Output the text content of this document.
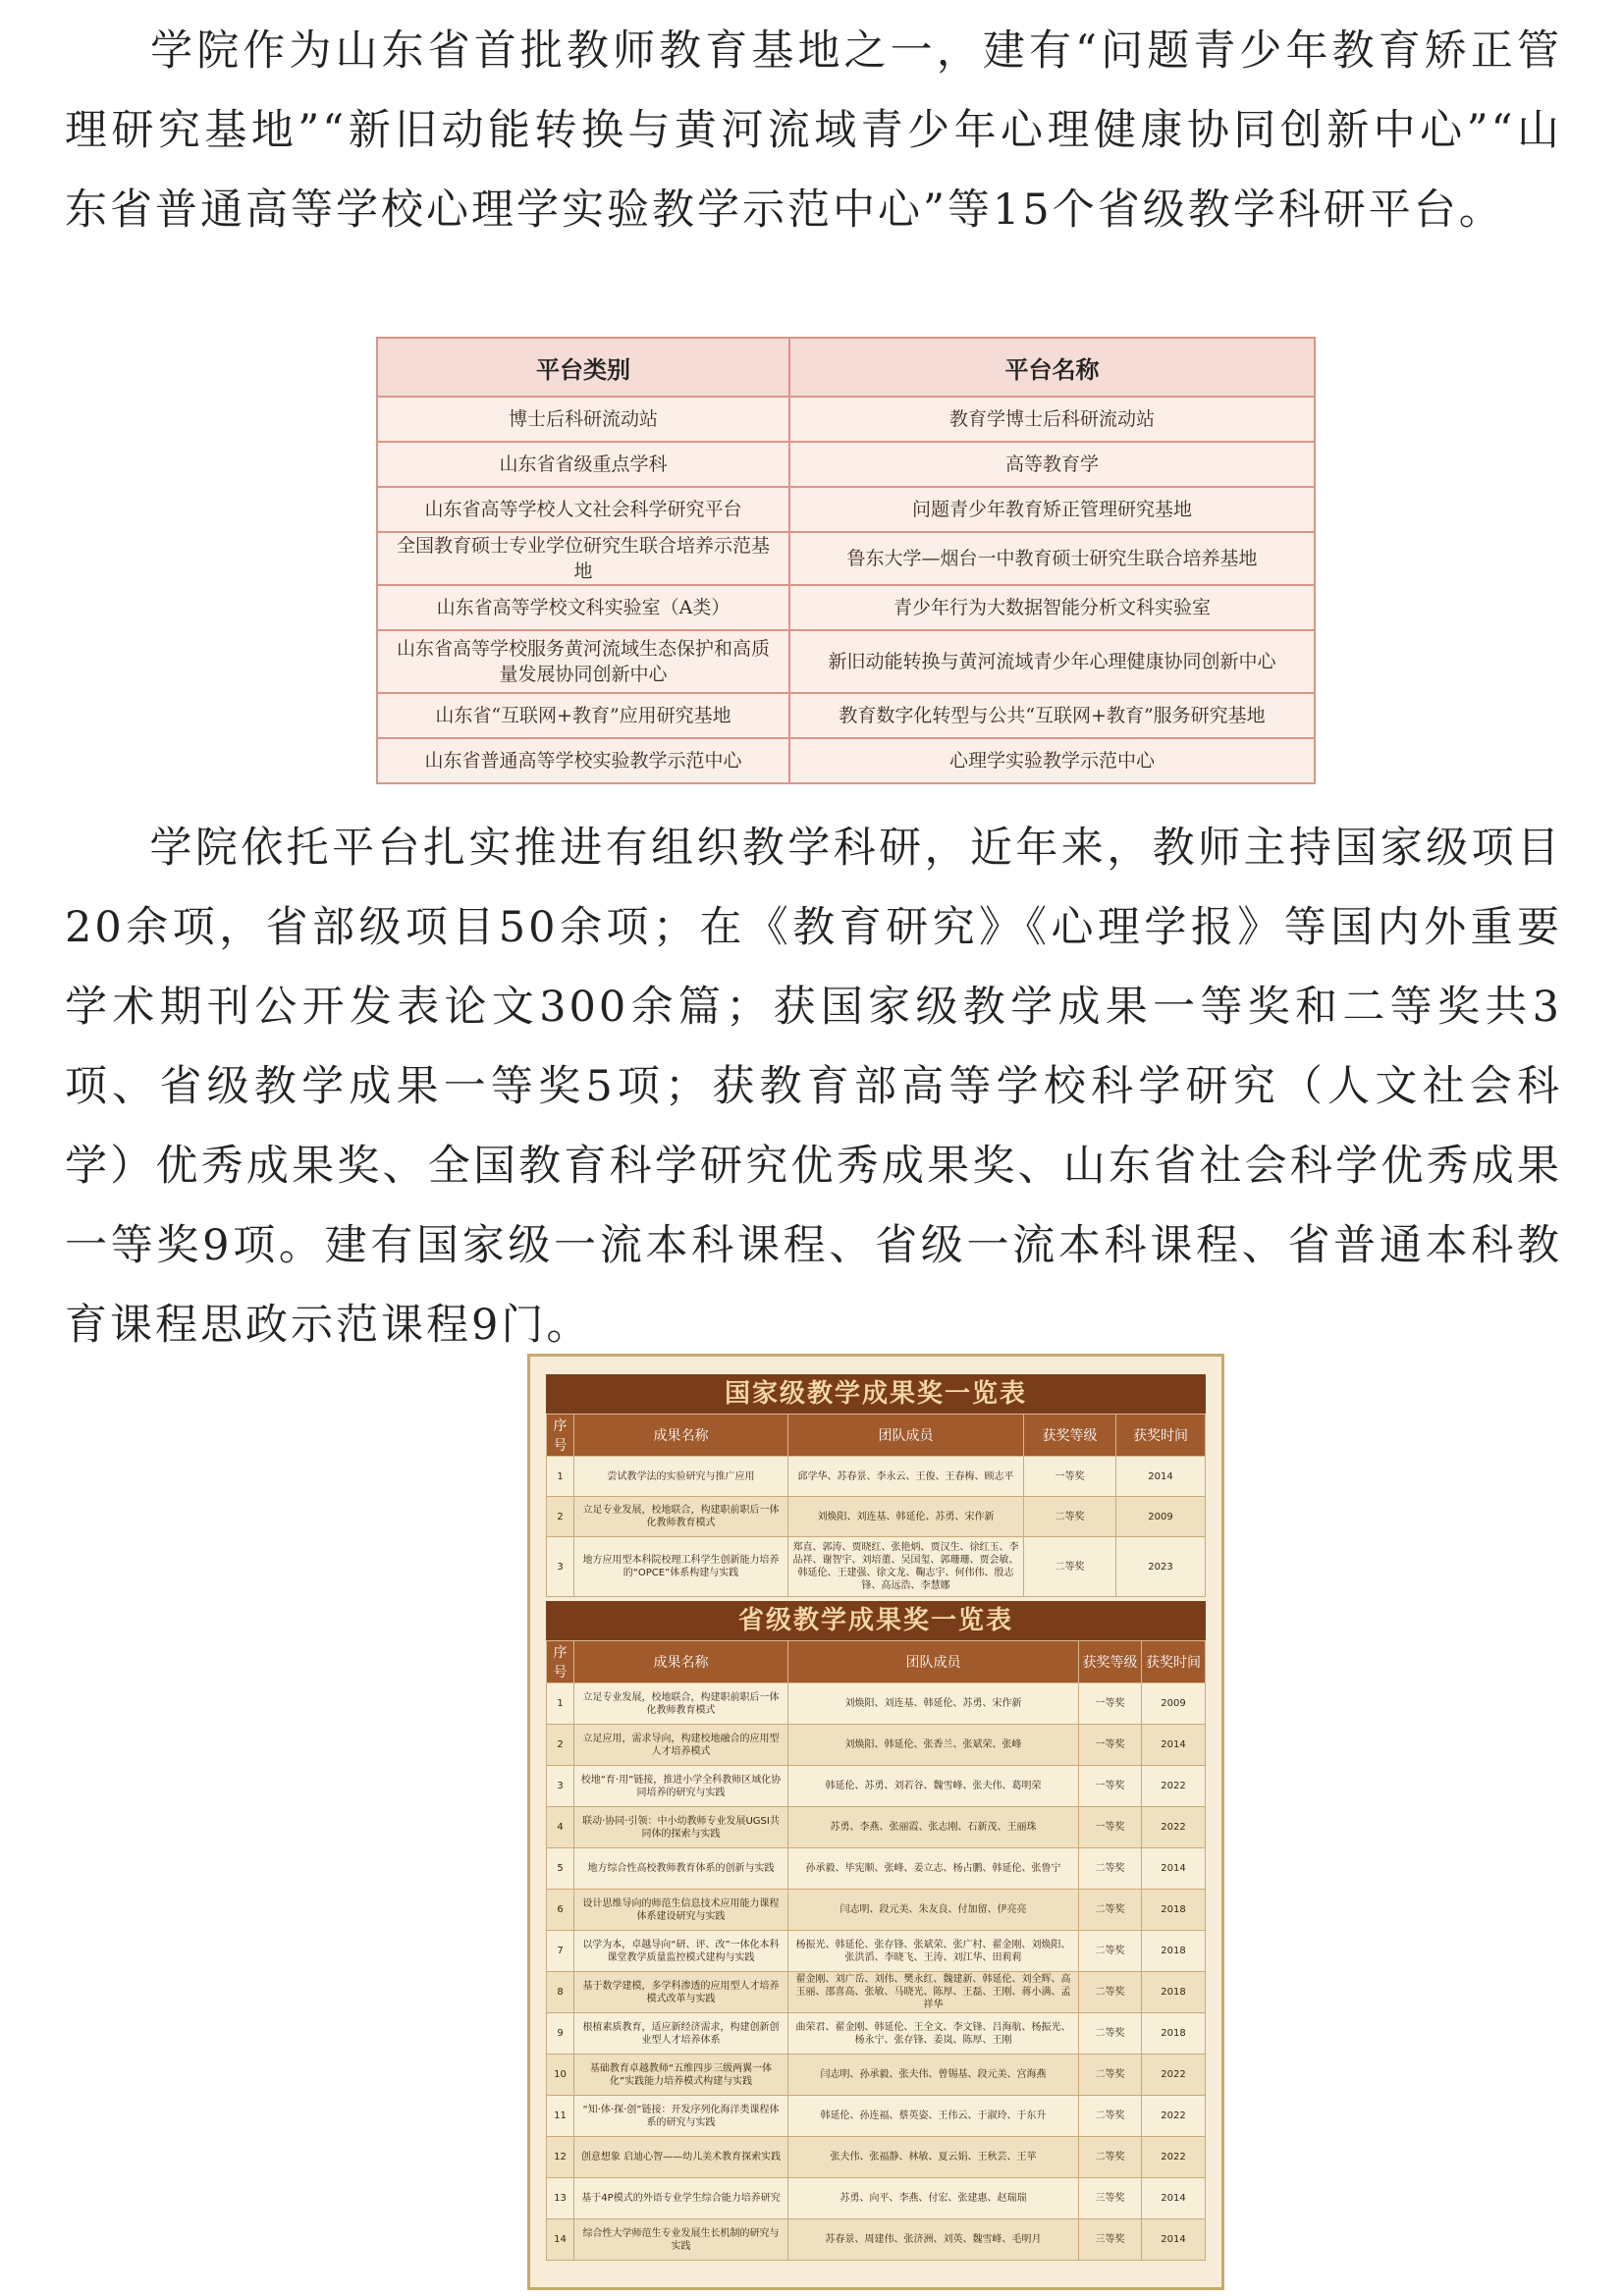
学院作为山东省首批教师教育基地之一，建有“问题青少年教育矫正管理研究基地”“新旧动能转换与黄河流域青少年心理健康协同创新中心”“山东省普通高等学校心理学实验教学示范中心”等15个省级教学科研平台。

平台类别	平台名称
博士后科研流动站	教育学博士后科研流动站
山东省省级重点学科	高等教育学
山东省高等学校人文社会科学研究平台	问题青少年教育矫正管理研究基地
全国教育硕士专业学位研究生联合培养示范基地	鲁东大学—烟台一中教育硕士研究生联合培养基地
山东省高等学校文科实验室（A类）	青少年行为大数据智能分析文科实验室
山东省高等学校服务黄河流域生态保护和高质量发展协同创新中心	新旧动能转换与黄河流域青少年心理健康协同创新中心
山东省“互联网+教育”应用研究基地	教育数字化转型与公共“互联网+教育”服务研究基地
山东省普通高等学校实验教学示范中心	心理学实验教学示范中心

学院依托平台扎实推进有组织教学科研，近年来，教师主持国家级项目20余项，省部级项目50余项；在《教育研究》《心理学报》等国内外重要学术期刊公开发表论文300余篇；获国家级教学成果一等奖和二等奖共3项、省级教学成果一等奖5项；获教育部高等学校科学研究（人文社会科学）优秀成果奖、全国教育科学研究优秀成果奖、山东省社会科学优秀成果一等奖9项。建有国家级一流本科课程、省级一流本科课程、省普通本科教育课程思政示范课程9门。

国家级教学成果奖一览表
序号	成果名称	团队成员	获奖等级	获奖时间
1	尝试教学法的实验研究与推广应用	邱学华、苏春景、李永云、王俊、王春梅、顾志平	一等奖	2014
2	立足专业发展，校地联合，构建职前职后一体化教师教育模式	刘焕阳、刘连基、韩延伦、苏勇、宋作新	二等奖	2009
3	地方应用型本科院校理工科学生创新能力培养的“OPCE”体系构建与实践	郑直、郭涛、贾晓红、张艳炳、贾汉生、徐红玉、李品祥、谢智宇、刘培董、吴国玺、郭珊珊、贾会敏、韩延伦、王建强、徐文龙、鞠志宇、何伟伟、殷志锋、高远浩、李慧娜	二等奖	2023
省级教学成果奖一览表
序号	成果名称	团队成员	获奖等级	获奖时间
1	立足专业发展，校地联合，构建职前职后一体化教师教育模式	刘焕阳、刘连基、韩延伦、苏勇、宋作新	一等奖	2009
2	立足应用，需求导向，构建校地融合的应用型人才培养模式	刘焕阳、韩延伦、张香兰、张斌荣、张峰	一等奖	2014
3	校地“育·用”链接，推进小学全科教师区域化协同培养的研究与实践	韩延伦、苏勇、刘若谷、魏雪峰、张夫伟、葛明荣	一等奖	2022
4	联动·协同·引领：中小幼教师专业发展UGSI共同体的探索与实践	苏勇、李燕、张丽霞、张志刚、石新茂、王丽珠	一等奖	2022
5	地方综合性高校教师教育体系的创新与实践	孙承毅、毕宪顺、张峰、姜立志、杨占鹏、韩延伦、张鲁宁	二等奖	2014
6	设计思维导向的师范生信息技术应用能力课程体系建设研究与实践	闫志明、段元美、朱友良、付加留、伊亮亮	二等奖	2018
7	以学为本，卓越导向“研、评、改”一体化本科课堂教学质量监控模式建构与实践	杨振光、韩延伦、张存锋、张斌荣、张广村、翟金刚、刘焕阳、张洪滔、李晓飞、王涛、刘江华、田莉莉	二等奖	2018
8	基于数学建模，多学科渗透的应用型人才培养模式改革与实践	翟金刚、刘广岳、刘伟、樊永红、魏建新、韩延伦、刘全辉、高玉丽、邵喜高、张敏、马晓光、陈厚、王磊、王刚、蒋小满、孟祥华	二等奖	2018
9	根植素质教育，适应新经济需求，构建创新创业型人才培养体系	曲荣君、翟金刚、韩延伦、王全文、李文锋、吕海航、杨振光、杨永宁、张存锋、姜岚、陈厚、王刚	二等奖	2018
10	基础教育卓越教师“五维四步三级两翼一体化”实践能力培养模式构建与实践	闫志明、孙承毅、张夫伟、曾锡基、段元美、宫海燕	二等奖	2022
11	“知·体·探·创”链接：开发序列化海洋类课程体系的研究与实践	韩延伦、孙连福、蔡英姿、王伟云、于淑玲、于东升	二等奖	2022
12	创意想象 启迪心智——幼儿美术教育探索实践	张夫伟、张福静、林敏、夏云娟、王秋芸、王苹	二等奖	2022
13	基于4P模式的外语专业学生综合能力培养研究	苏勇、向平、李燕、付宏、张建惠、赵瑞瑞	三等奖	2014
14	综合性大学师范生专业发展生长机制的研究与实践	苏春景、周建伟、张济洲、刘英、魏雪峰、毛明月	三等奖	2014
